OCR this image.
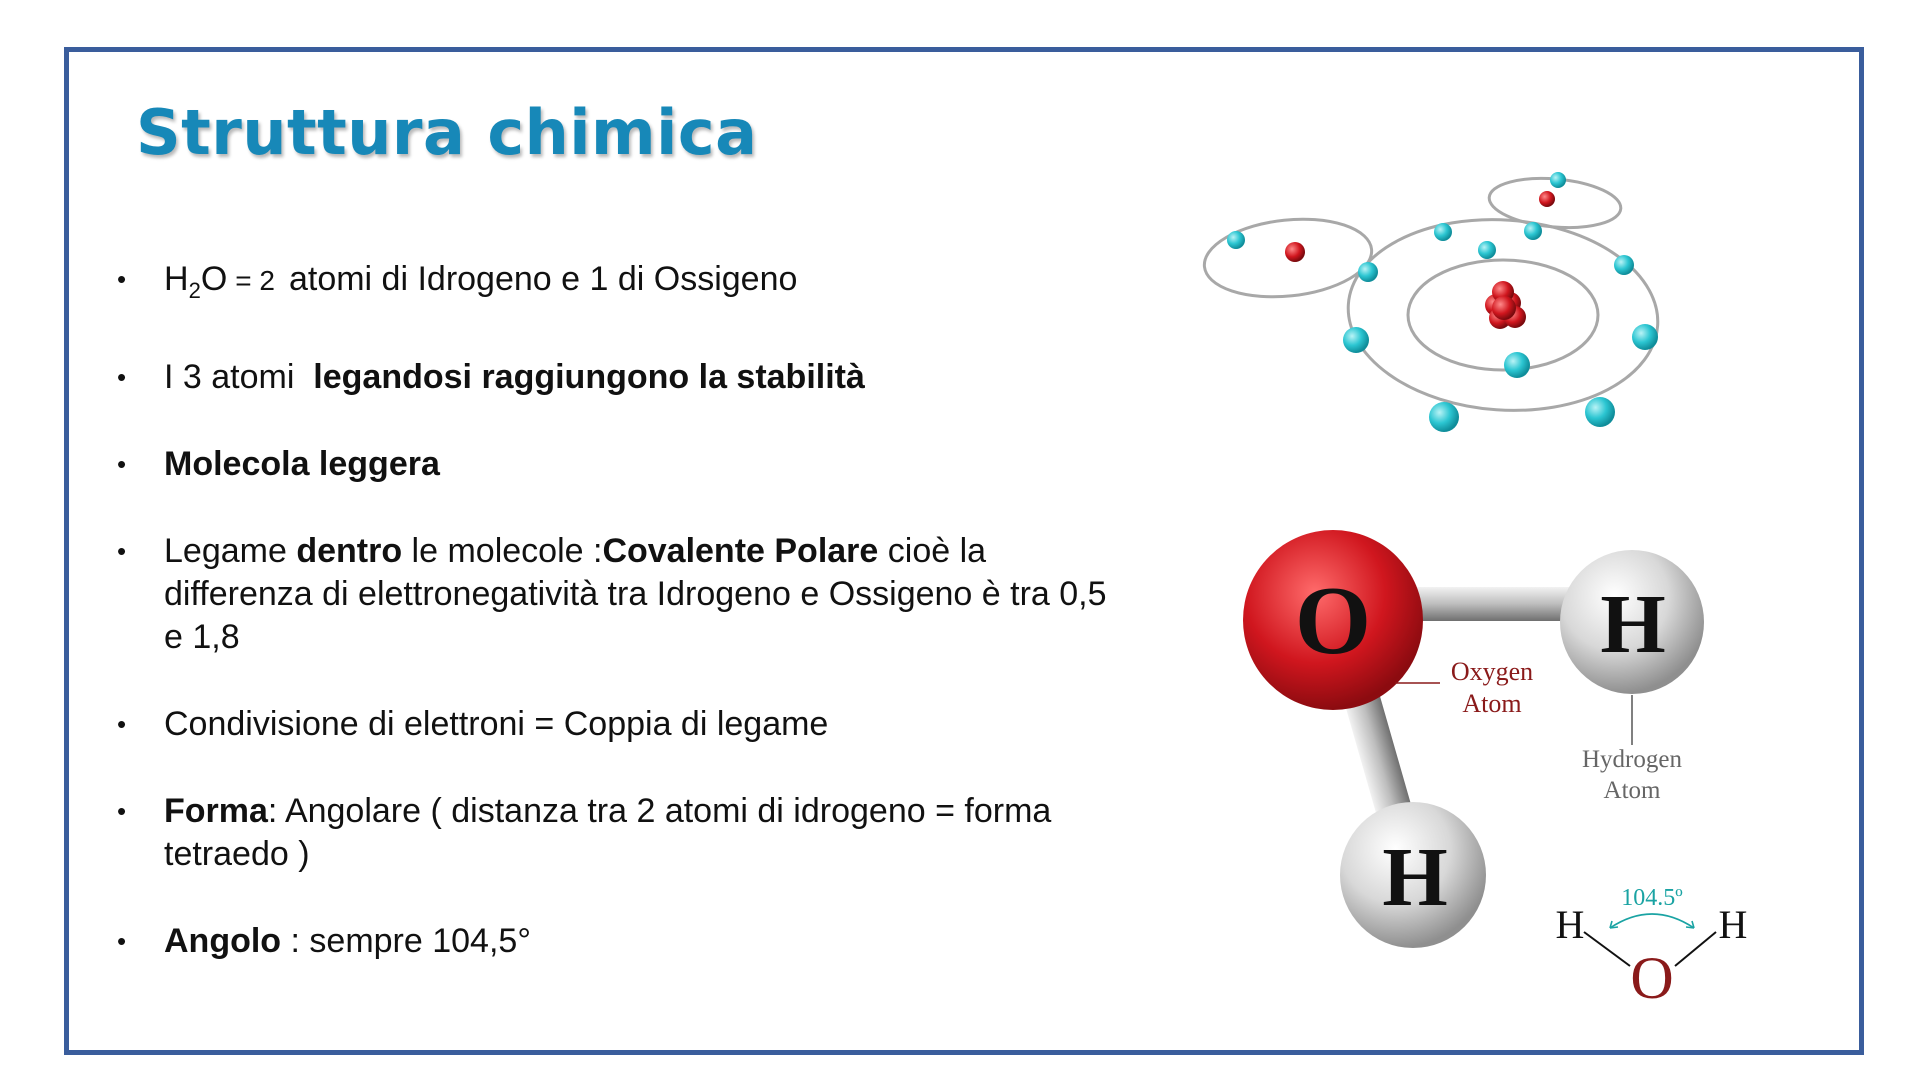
Struttura chimica
• $H_2O = 2$ atomi di Idrogeno e 1 di Ossigeno
• I 3 atomi legandosi raggiungono la stabilità
• Molecola leggera
• Legame dentro le molecole :Covalente Polare cioè la differenza di elettronegatività tra Idrogeno e Ossigeno è tra 0,5 e 1,8
• Condivisione di elettroni = Coppia di legame
• Forma: Angolare ( distanza tra 2 atomi di idrogeno = forma tetraedo )
• Angolo : sempre 104,5°
O	H
H
Oxygen
Atom
Hydrogen
Atom
H	H
O
104.5º
